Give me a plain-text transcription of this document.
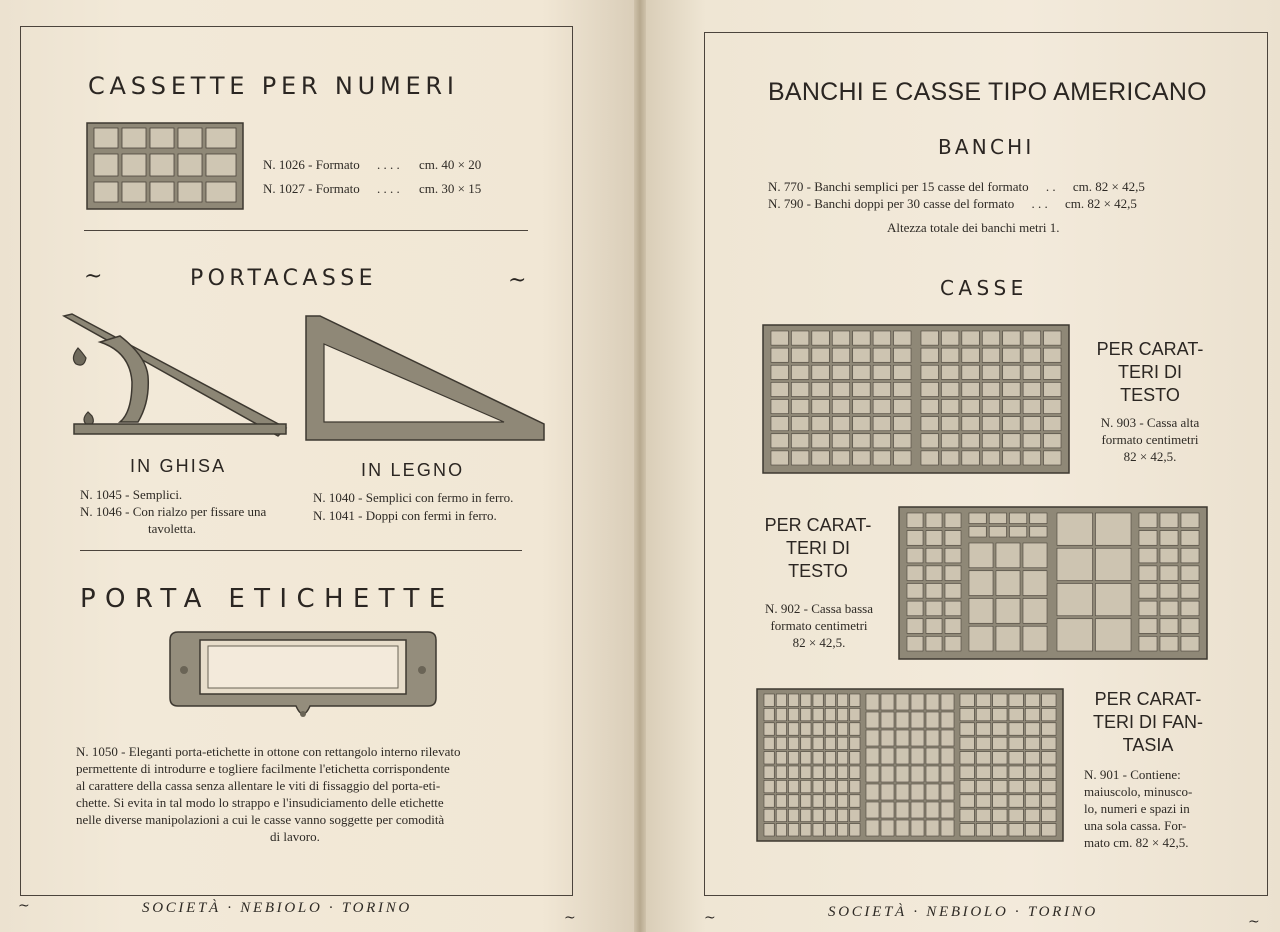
CASSETTE PER NUMERI
N. 1026 - Formato . . . . cm. 40 × 20
N. 1027 - Formato . . . . cm. 30 × 15
~	PORTACASSE	~
IN GHISA	IN LEGNO
N. 1045 - Semplici.
N. 1046 - Con rialzo per fissare una
tavoletta.
N. 1040 - Semplici con fermo in ferro.
N. 1041 - Doppi con fermi in ferro.
PORTA ETICHETTE
N. 1050 - Eleganti porta-etichette in ottone con rettangolo interno rilevato
permettente di introdurre e togliere facilmente l'etichetta corrispondente
al carattere della cassa senza allentare le viti di fissaggio del porta-eti-
chette. Si evita in tal modo lo strappo e l'insudiciamento delle etichette
nelle diverse manipolazioni a cui le casse vanno soggette per comodità
di lavoro.
SOCIETÀ · NEBIOLO · TORINO
~
~
BANCHI E CASSE TIPO AMERICANO
BANCHI
N. 770 - Banchi semplici per 15 casse del formato . . cm. 82 × 42,5
N. 790 - Banchi doppi per 30 casse del formato . . . cm. 82 × 42,5
Altezza totale dei banchi metri 1.
CASSE
PER CARAT-
TERI DI
TESTO
N. 903 - Cassa alta
formato centimetri
82 × 42,5.
PER CARAT-
TERI DI
TESTO
N. 902 - Cassa bassa
formato centimetri
82 × 42,5.
PER CARAT-
TERI DI FAN-
TASIA
N. 901 - Contiene:
maiuscolo, minusco-
lo, numeri e spazi in
una sola cassa. For-
mato cm. 82 × 42,5.
SOCIETÀ · NEBIOLO · TORINO
~	~
